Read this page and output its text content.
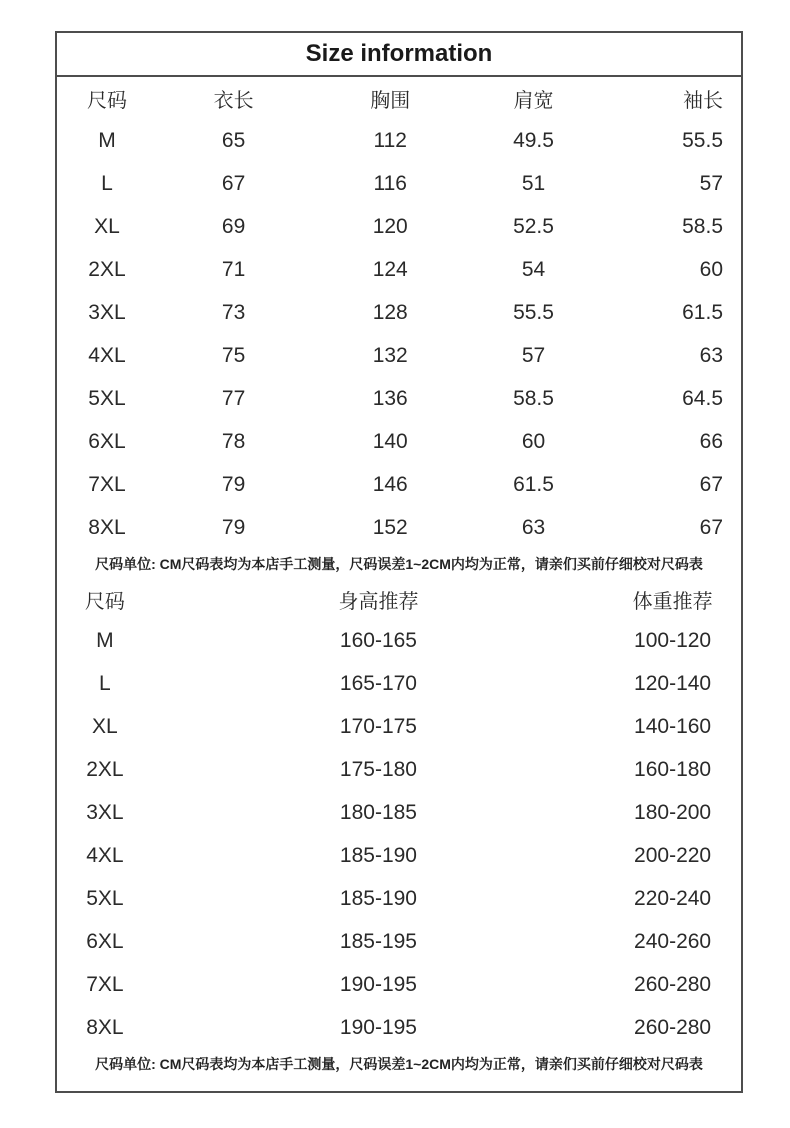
Size information
尺码	衣长	胸围	肩宽	袖长
M	65	112	49.5	55.5
L	67	116	51	57
XL	69	120	52.5	58.5
2XL	71	124	54	60
3XL	73	128	55.5	61.5
4XL	75	132	57	63
5XL	77	136	58.5	64.5
6XL	78	140	60	66
7XL	79	146	61.5	67
8XL	79	152	63	67
尺码单位: CM尺码表均为本店手工测量，尺码误差1~2CM内均为正常，请亲们买前仔细校对尺码表
尺码	身高推荐	体重推荐
M	160-165	100-120
L	165-170	120-140
XL	170-175	140-160
2XL	175-180	160-180
3XL	180-185	180-200
4XL	185-190	200-220
5XL	185-190	220-240
6XL	185-195	240-260
7XL	190-195	260-280
8XL	190-195	260-280
尺码单位: CM尺码表均为本店手工测量，尺码误差1~2CM内均为正常，请亲们买前仔细校对尺码表
